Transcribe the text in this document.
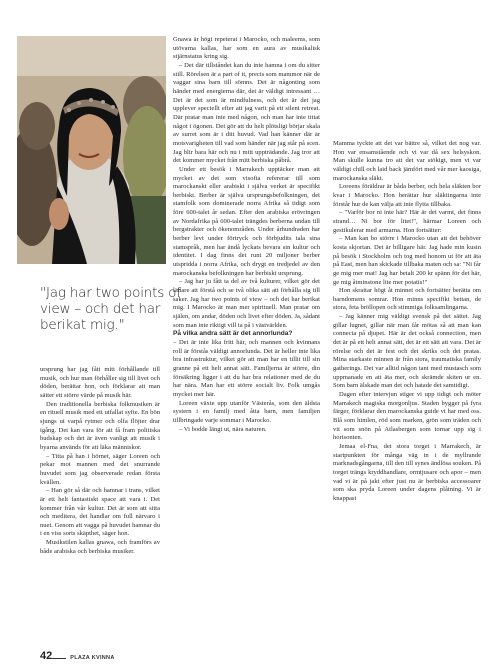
"Jag har two points of view – och det har berikat mig."

ursprung har jag fått mitt förhållande till musik, och hur man förhåller sig till livet och döden, berättar hon, och förklarar att man sätter ett större värde på musik här.

Den traditionella berbiska folkmusiken är en rituell musik med ett utfallat syfte. En bön sjungs ut varpå rytmer och olfa flöjter drar igång. Det kan vara för att få fram politiska budskap och det är även vanligt att musik i byarna används för att läka människor.

– Titta på han i hörnet, säger Loreen och pekar mot mannen med det snurrande huvudet som jag observerade redan första kvällen.

– Han gör så där och hamnar i trans, vilket är ett helt fantastiskt space att vara i. Det kommer från vår kultur. Det är som att sitta och meditera, det handlar om full närvaro i nuet. Genom att vagga på huvudet hamnar du i en viss sorts skäpthet, säger hon.

Musikstilen kallas gnawa, och framförs av både arabiska och berbiska musiker.

Gnawa är högt repeterat i Marocko, och maleems, som utövarna kallas, har som en aura av musikalisk stjärnstatus kring sig.

– Det där tillståndet kan du inte hamna i om du sitter still. Rörelsen är a part of it, precis som mammor när de vaggar sina barn till sömns. Det är någonting som händer med energierna där, det är väldigt intressant …Det är det som är mindfulness, och det är det jag upplever speciellt efter att jag varit på ett silent retreat. Där pratar man inte med någon, och man har inte tittat något i ögonen. Det gör att du helt plötsligt börjar skala av surret som är i ditt huvud. Vad han känner där är motsvarigheten till vad som händer när jag står på scen. Jag blir bara här och nu i mitt uppträdande. Jag tror att det kommer mycket från mitt berbiska påbrå.

Under ett besök i Marrakech upptäcker man att mycket av det som visofta refererar till som marockanskt eller arabiskt i själva verket är specifikt berbiskt. Berber är själva ursprungsbefolkningen, det stamfolk som dominerade norra Afrika så tidigt som före 600-talet år sedan. Efter den arabiska erövringen av Nordafrika på 600-talet trängdes berberna undan till bergstrakter och ökenområden. Under århundraden har berber levt under förtryck och förbjudits tala sina stamspråk, men har ändå lyckats bevara sin kultur och identitet. I dag finns det runt 20 miljoner berber utspridda i norra Afrika, och drygt en tredjedel av den marockanska befolkningen har berbiskt ursprung.

– Jag har ju fått ta del av två kulturer, vilket gör det lättare att förstå och se två olika sätt att förhålla sig till saker. Jag har two points of view – och det har berikat mig. I Marocko är man mer spirituell. Man pratar om själen, om andar, döden och livet efter döden. Ja, sådant som man inte riktigt vill ta på i västvärlden.

På vilka andra sätt är det annorlunda?

– Det är inte lika fritt här, och mannen och kvinnans roll är förstås väldigt annorlunda. Det är heller inte lika bra infrastruktur, vilket gör att man har en tillit till sin granne på ett helt annat sätt. Familjerna är större, din försäkring ligger i att du har bra relationer med de du har nära. Man har ett större socialt liv. Folk umgås mycket mer här.

Loreen växte upp utanför Västerås, som den äldsta systern i en familj med åtta barn, men familjen tillbringade varje sommar i Marocko.

– Vi bodde längt ut, nära naturen.

Mamma tyckte att det var bättre så, vilket det nog var. Hon var ensamstående och vi var då sex helsyskon. Man skulle kunna tro att det var stökigt, men vi var väldigt chill och laid back jämfört med vår mer kaosiga, marockanska släkt.

Loreens föräldrar är båda berber, och hela släkten bor kvar i Marocko. Hon berättar hur släktingarna inte förstår hur de kan välja att inte flytta tillbaka.

– "Varför bor ni inte här? Här är det varmt, det finns strand… Ni bor för litet!", härmar Loreen och gestikulerar med armarna. Hon fortsätter:

– Man kan bo större i Marocko utan att det behöver kosta skjortan. Det är billigare här. Jag hade min kusin på besök i Stockholm och tog med honom ut för att äta på East, men han skickade tillbaka maten och sa: "Ni får ge mig mer mat! Jag har betalt 200 kr spänn för det här, ge mig åtminstone lite mer potatis!"

Hon skrattar högt åt minnet och fortsätter berätta om barndomens somrar. Hon minns specifikt bettan, de stora, feta bröllopen och stimmiga folksamlingarna.

– Jag känner mig väldigt svensk på det sättet. Jag gillar lugnet, gillar när man får mötas så att man kan connecta på djupet. Här är det också connection, men det är på ett helt annat sätt, det är ett sätt att vara. Det är rörelse och det är fest och det skriks och det pratas. Mina starkaste minnen är från stora, traumatiska family gatherings. Det var alltid någon tant med mustasch som uppmanade en att äta mer, och skrämde skiten ur en. Som barn älskade man det och hatade det samtidigt.

Dagen efter intervjun stiger vi upp tidigt och möter Marrakech magiska morgonljus. Staden bygger på fyra färger, förklarar den marockanska guide vi har med oss. Blå som himlen, röd som marken, grön som träden och vit som snön på Atlasbergen som tornar upp sig i horisonten.

Jemaa el-Fna, det stora torget i Marrakech, är startpunkten för många väg in i de myllrande marknadsgångarna, till den till synes ändlösa souken. På torget trängs kryddhandlare, ormtjusare och apor – men vad vi är på jakt efter just nu är berbiska accessoarer som ska pryda Loreen under dagens plåtning. Vi är knappast

42	PLAZA KVINNA
